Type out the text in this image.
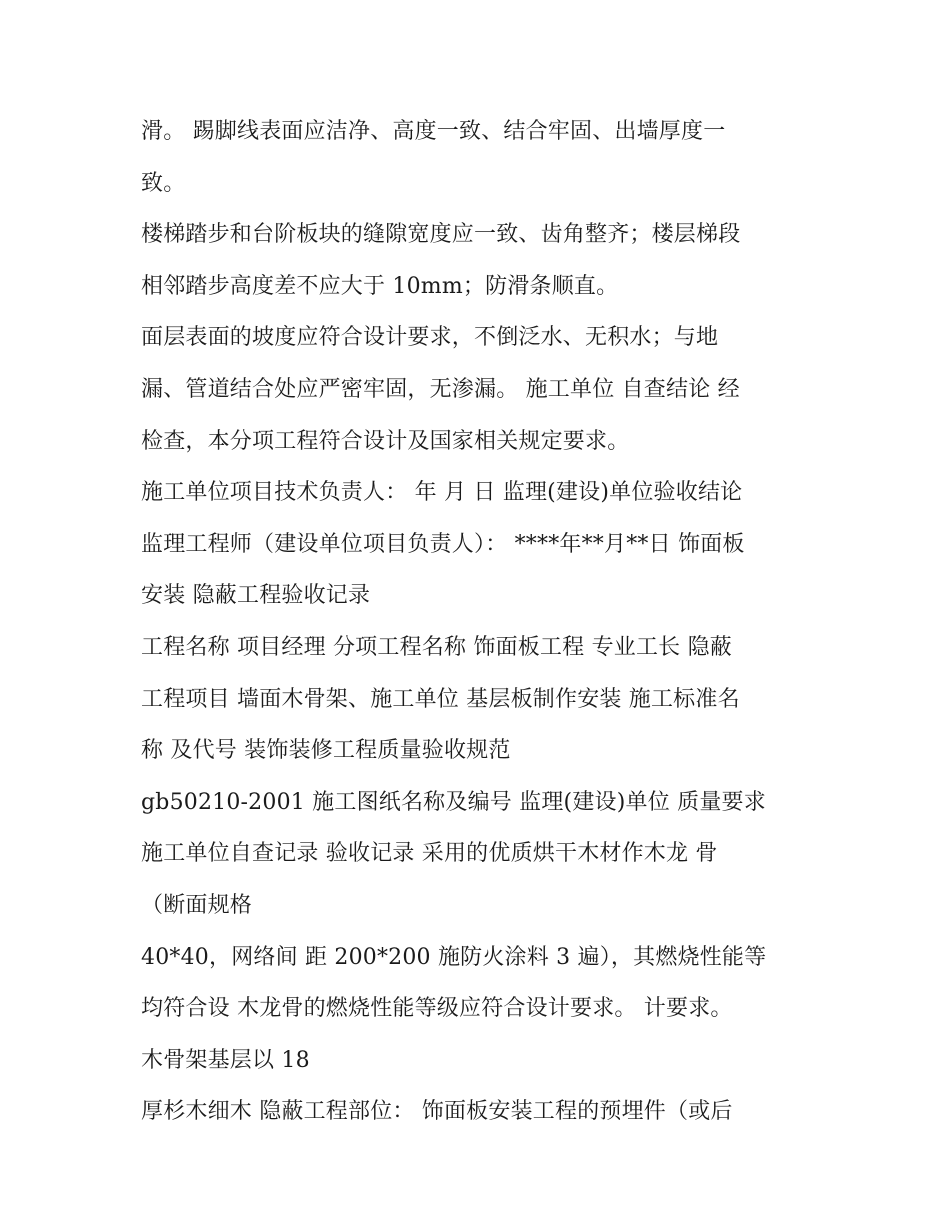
滑。 踢脚线表面应洁净、高度一致、结合牢固、出墙厚度一
致。
楼梯踏步和台阶板块的缝隙宽度应一致、齿角整齐；楼层梯段
相邻踏步高度差不应大于 10mm；防滑条顺直。
面层表面的坡度应符合设计要求，不倒泛水、无积水；与地
漏、管道结合处应严密牢固，无渗漏。 施工单位 自查结论 经
检查，本分项工程符合设计及国家相关规定要求。
施工单位项目技术负责人： 年 月 日 监理(建设)单位验收结论
监理工程师（建设单位项目负责人）： ****年**月**日 饰面板
安装 隐蔽工程验收记录
工程名称 项目经理 分项工程名称 饰面板工程 专业工长 隐蔽
工程项目 墙面木骨架、施工单位 基层板制作安装 施工标准名
称 及代号 装饰装修工程质量验收规范
gb50210-2001 施工图纸名称及编号 监理(建设)单位 质量要求
施工单位自查记录 验收记录 采用的优质烘干木材作木龙 骨
（断面规格
40*40，网络间 距 200*200 施防火涂料 3 遍），其燃烧性能等
均符合设 木龙骨的燃烧性能等级应符合设计要求。 计要求。
木骨架基层以 18
厚杉木细木 隐蔽工程部位： 饰面板安装工程的预埋件（或后
